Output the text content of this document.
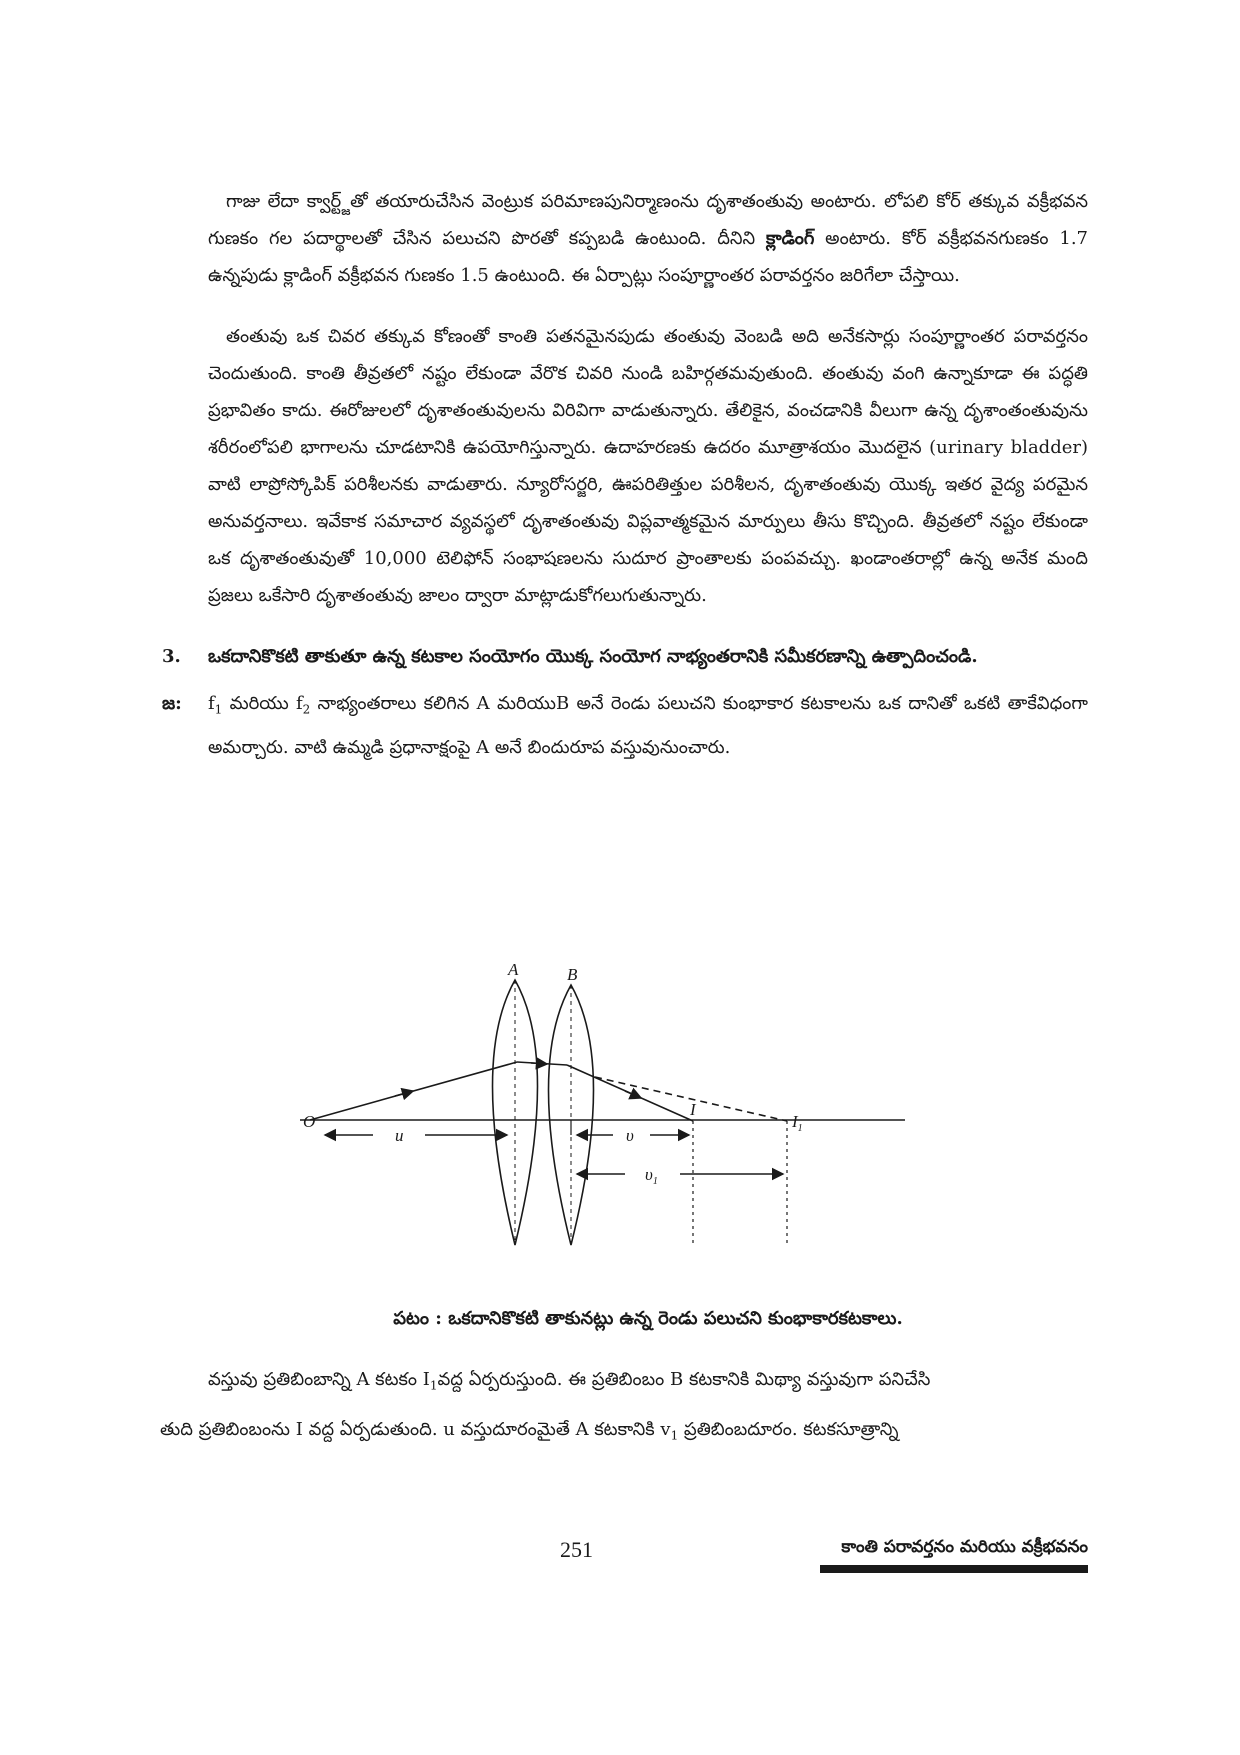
గాజు లేదా క్వార్ట్జ్‌తో తయారుచేసిన వెంట్రుక పరిమాణపునిర్మాణంను దృశాతంతువు అంటారు. లోపలి కోర్ తక్కువ వక్రీభవన గుణకం గల పదార్థాలతో చేసిన పలుచని పొరతో కప్పబడి ఉంటుంది. దీనిని క్లాడింగ్ అంటారు. కోర్ వక్రీభవనగుణకం 1.7 ఉన్నపుడు క్లాడింగ్ వక్రీభవన గుణకం 1.5 ఉంటుంది. ఈ ఏర్పాట్లు సంపూర్ణాంతర పరావర్తనం జరిగేలా చేస్తాయి.

తంతువు ఒక చివర తక్కువ కోణంతో కాంతి పతనమైనపుడు తంతువు వెంబడి అది అనేకసార్లు సంపూర్ణాంతర పరావర్తనం చెందుతుంది. కాంతి తీవ్రతలో నష్టం లేకుండా వేరొక చివరి నుండి బహిర్గతమవుతుంది. తంతువు వంగి ఉన్నాకూడా ఈ పద్ధతి ప్రభావితం కాదు. ఈరోజులలో దృశాతంతువులను విరివిగా వాడుతున్నారు. తేలికైన, వంచడానికి వీలుగా ఉన్న దృశాంతంతువును శరీరంలోపలి భాగాలను చూడటానికి ఉపయోగిస్తున్నారు. ఉదాహరణకు ఉదరం మూత్రాశయం మొదలైన (urinary bladder) వాటి లాప్రోస్కోపిక్ పరిశీలనకు వాడుతారు. న్యూరోసర్జరి, ఊపరితిత్తుల పరిశీలన, దృశాతంతువు యొక్క ఇతర వైద్య పరమైన అనువర్తనాలు. ఇవేకాక సమాచార వ్యవస్థలో దృశాతంతువు విప్లవాత్మకమైన మార్పులు తీసు కొచ్చింది. తీవ్రతలో నష్టం లేకుండా ఒక దృశాతంతువుతో 10,000 టెలిఫోన్ సంభాషణలను సుదూర ప్రాంతాలకు పంపవచ్చు. ఖండాంతరాల్లో ఉన్న అనేక మంది ప్రజలు ఒకేసారి దృశాతంతువు జాలం ద్వారా మాట్లాడుకోగలుగుతున్నారు.

3.	ఒకదానికొకటి తాకుతూ ఉన్న కటకాల సంయోగం యొక్క సంయోగ నాభ్యంతరానికి సమీకరణాన్ని ఉత్పాదించండి.
జ:	$f_1$ మరియు $f_2$ నాభ్యంతరాలు కలిగిన A మరియుB అనే రెండు పలుచని కుంభాకార కటకాలను ఒక దానితో ఒకటి తాకేవిధంగా అమర్చారు. వాటి ఉమ్మడి ప్రధానాక్షంపై A అనే బిందురూప వస్తువునుంచారు.
A	B
O
I
$I_1$
u	υ
$\upsilon_1$
పటం : ఒకదానికొకటి తాకునట్లు ఉన్న రెండు పలుచని కుంభాకారకటకాలు.

వస్తువు ప్రతిబింబాన్ని A కటకం $I_1వద్ద$ ఏర్పరుస్తుంది. ఈ ప్రతిబింబం B కటకానికి మిథ్యా వస్తువుగా పనిచేసి

తుది ప్రతిబింబంను I వద్ద ఏర్పడుతుంది. u వస్తుదూరంమైతే A కటకానికి $v_1$ ప్రతిబింబదూరం. కటకసూత్రాన్ని

251	కాంతి పరావర్తనం మరియు వక్రీభవనం
